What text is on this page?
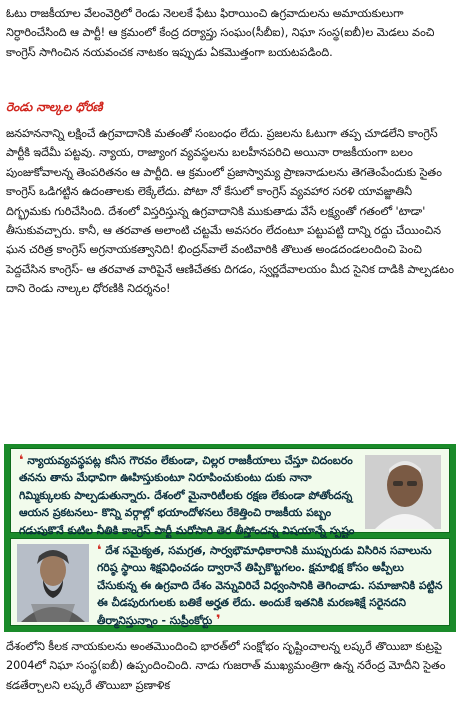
ఓటు రాజకీయాల వేలంవెర్రిలో రెండు నెలలకే ఫేటు ఫిరాయించి ఉగ్రవాదులను అమాయకులుగా నిర్ధారించేసింది ఆ పార్టీ! ఆ క్రమంలో కేంద్ర దర్యాప్తు సంఘం(సీబీఐ), నిఘా సంస్థ(ఐబీ)ల మెడలు వంచి కాంగ్రెస్ సాగించిన నయవంచక నాటకం ఇప్పుడు ఏకమొత్తంగా బయటపడింది.

రెండు నాల్కల ధోరణి

జనహననాన్ని లక్షించే ఉగ్రవాదానికి మతంతో సంబంధం లేదు. ప్రజలను ఓటుగా తప్ప చూడలేని కాంగ్రెస్ పార్టీకి ఇదేమీ పట్టవు. న్యాయ, రాజ్యాంగ వ్యవస్థలను బలహీనపరిచి అయినా రాజకీయంగా బలం పుంజుకోవాలన్న తెంపరితనం ఆ పార్టీది. ఆ క్రమంలో ప్రజాస్వామ్య ప్రాణనాడులను తెగతెంపేందుకు సైతం కాంగ్రెస్ ఒడిగట్టిన ఉదంతాలకు లెక్కేలేదు. పోటా నో కేసులో కాంగ్రెస్ వ్యవహార సరళి యావజ్జాతినీ దిగ్భ్రమకు గురిచేసింది. దేశంలో విస్తరిస్తున్న ఉగ్రవాదానికి ముకుతాడు వేసే లక్ష్యంతో గతంలో 'టాడా' తీసుకువచ్చారు. కానీ, ఆ తరవాత అలాంటి చట్టమే అవసరం లేదంటూ పట్టుపట్టి దాన్ని రద్దు చేయించిన ఘన చరిత్ర కాంగ్రెస్ అగ్రనాయకత్వానిది! భింద్రన్‌వాలే వంటివారికి తొలుత అండదండలందించి పెంచి పెద్దచేసిన కాంగ్రెస్- ఆ తరవాత వారిపైనే ఆణిచేతకు దిగడం, స్వర్ణదేవాలయం మీద సైనిక దాడికి పాల్పడటం దాని రెండు నాల్కల ధోరణికి నిదర్శనం!

❛ న్యాయవ్యవస్థపట్ల కనీస గౌరవం లేకుండా, చిల్లర రాజకీయాలు చేస్తూ చిదంబరం తనను తాను మేధావిగా ఊహిస్తుకుంటూ నిరూపించుకుంటు దుకు నానా గిమ్మిక్కులకు పాల్పడుతున్నారు. దేశంలో మైనారిటీలకు రక్షణ లేకుండా పోతోందన్న ఆయన ప్రకటనలు- కొన్ని వర్గాల్లో భయాందోళనలు రేకెత్తించి రాజకీయ పబ్బం గడుపుకొనే కుటిల నీతికి కాంగ్రెస్ పార్టీ మరోసారి తెర తీస్తోందన్న విషయాన్నే స్పష్టం
❛ దేశ సమైక్యత, సమగ్రత, సార్వభౌమాధికారానికి ముప్పురుడు విసిరిన సవాలును గరిష్ఠ స్థాయి శిక్షవిధించడం ద్వారానే తిప్పికొట్టగలం. క్షమాభిక్ష కోసం అప్పీలు చేసుకున్న ఈ ఉగ్రవాది దేశం వెన్నువిరిచే విధ్వంసానికి తెగించాడు. సమాజానికి పట్టిన ఈ చీడపురుగులకు బతికే అర్హత లేదు. అందుకే ఇతనికి మరణశిక్షే సరైనదని తీర్మానిస్తున్నాం - సుప్రీంకోర్టు ❜

దేశంలోని కీలక నాయకులను అంతమొందించి భారత్‌లో సంక్షోభం సృష్టించాలన్న లష్కరే తొయిబా కుట్రపై 2004లో నిఘా సంస్థ(ఐబీ) ఉప్పందించింది. నాడు గుజరాత్ ముఖ్యమంత్రిగా ఉన్న నరేంద్ర మోదీని సైతం కడతేర్చాలని లష్కరే తొయిబా ప్రణాళిక
